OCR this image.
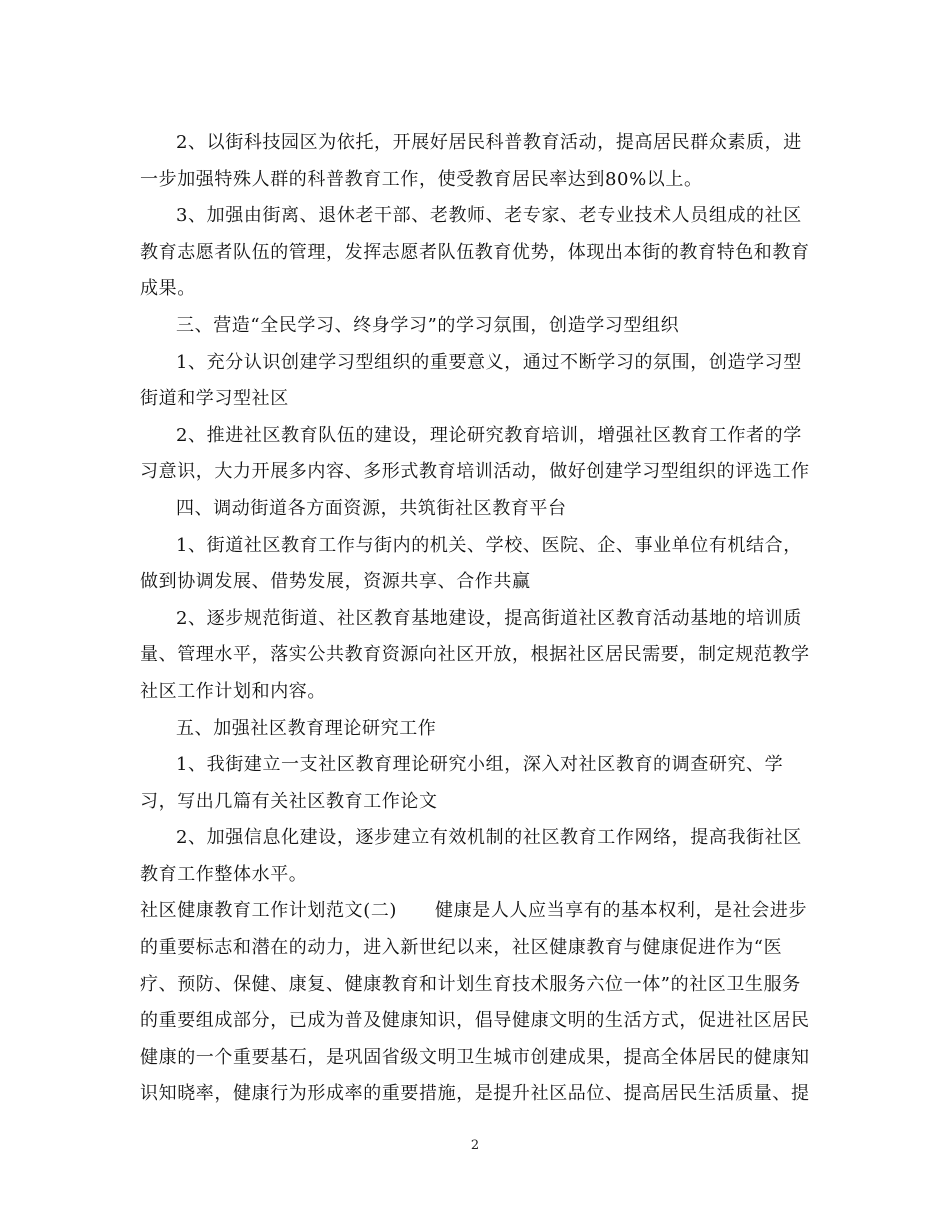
2、以街科技园区为依托，开展好居民科普教育活动，提高居民群众素质，进
一步加强特殊人群的科普教育工作，使受教育居民率达到80%以上。
3、加强由街离、退休老干部、老教师、老专家、老专业技术人员组成的社区
教育志愿者队伍的管理，发挥志愿者队伍教育优势，体现出本街的教育特色和教育
成果。
三、营造“全民学习、终身学习”的学习氛围，创造学习型组织
1、充分认识创建学习型组织的重要意义，通过不断学习的氛围，创造学习型
街道和学习型社区
2、推进社区教育队伍的建设，理论研究教育培训，增强社区教育工作者的学
习意识，大力开展多内容、多形式教育培训活动，做好创建学习型组织的评选工作
四、调动街道各方面资源，共筑街社区教育平台
1、街道社区教育工作与街内的机关、学校、医院、企、事业单位有机结合，
做到协调发展、借势发展，资源共享、合作共赢
2、逐步规范街道、社区教育基地建设，提高街道社区教育活动基地的培训质
量、管理水平，落实公共教育资源向社区开放，根据社区居民需要，制定规范教学
社区工作计划和内容。
五、加强社区教育理论研究工作
1、我街建立一支社区教育理论研究小组，深入对社区教育的调查研究、学
习，写出几篇有关社区教育工作论文
2、加强信息化建设，逐步建立有效机制的社区教育工作网络，提高我街社区
教育工作整体水平。
社区健康教育工作计划范文(二) 健康是人人应当享有的基本权利，是社会进步
的重要标志和潜在的动力，进入新世纪以来，社区健康教育与健康促进作为“医
疗、预防、保健、康复、健康教育和计划生育技术服务六位一体”的社区卫生服务
的重要组成部分，已成为普及健康知识，倡导健康文明的生活方式，促进社区居民
健康的一个重要基石，是巩固省级文明卫生城市创建成果，提高全体居民的健康知
识知晓率，健康行为形成率的重要措施，是提升社区品位、提高居民生活质量、提
2
